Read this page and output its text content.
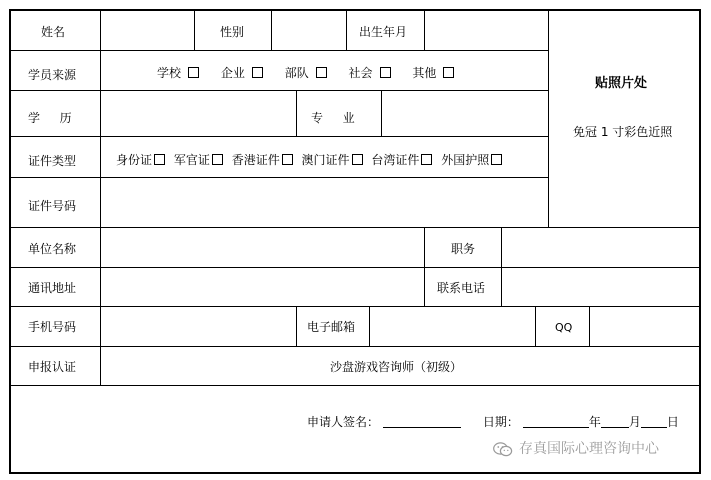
姓名	性别	出生年月
学员来源	学校	企业	部队	社会	其他
学  历	专  业
证件类型	身份证 军官证 香港证件 澳门证件 台湾证件 外国护照
证件号码
贴照片处
免冠 1 寸彩色近照
单位名称	职务
通讯地址	联系电话
手机号码	电子邮箱	QQ
申报认证	沙盘游戏咨询师（初级）
申请人签名：	日期：	年 月 日
存真国际心理咨询中心
